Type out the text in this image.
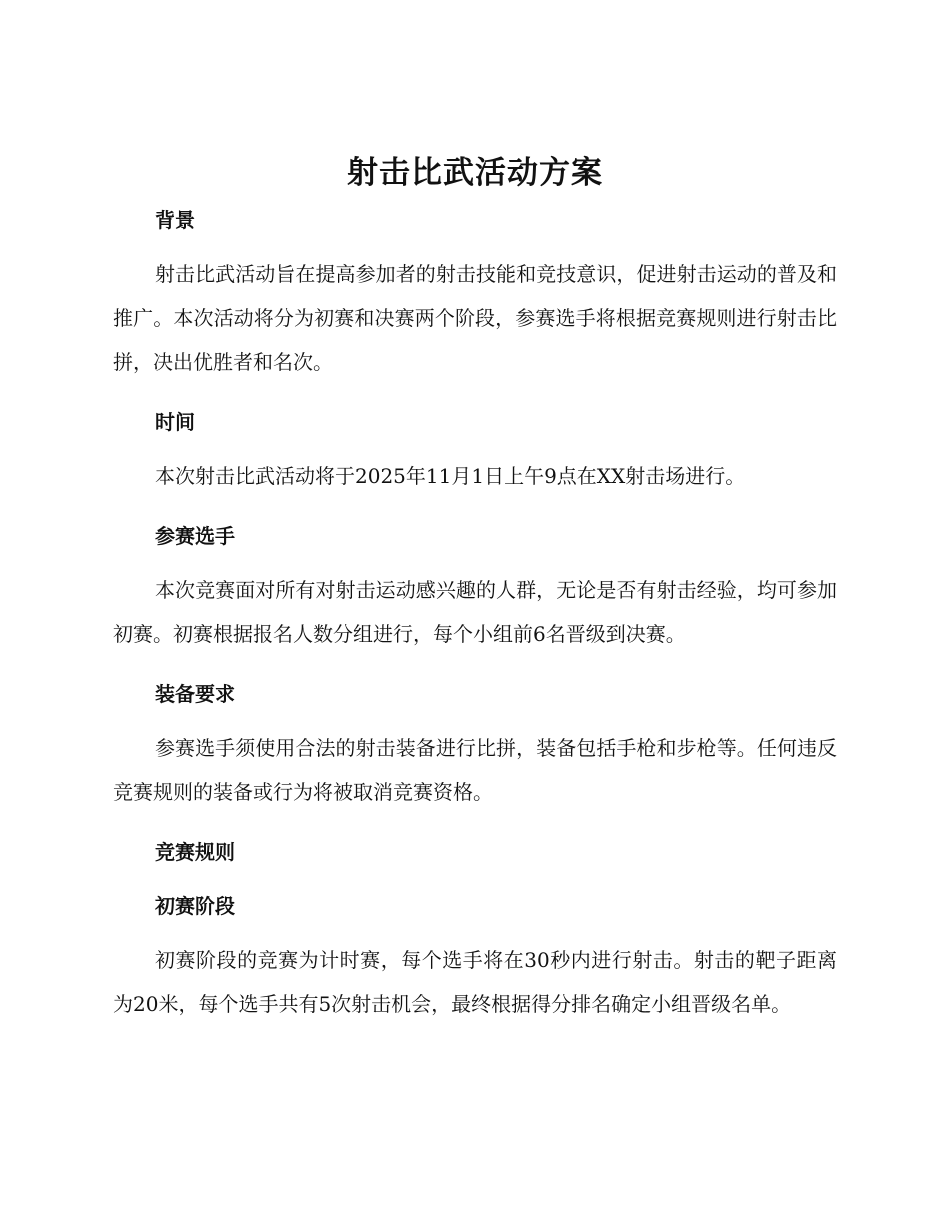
射击比武活动方案
背景

射击比武活动旨在提高参加者的射击技能和竞技意识，促进射击运动的普及和推广。本次活动将分为初赛和决赛两个阶段，参赛选手将根据竞赛规则进行射击比拼，决出优胜者和名次。

时间

本次射击比武活动将于2025年11月1日上午9点在XX射击场进行。

参赛选手

本次竞赛面对所有对射击运动感兴趣的人群，无论是否有射击经验，均可参加初赛。初赛根据报名人数分组进行，每个小组前6名晋级到决赛。

装备要求

参赛选手须使用合法的射击装备进行比拼，装备包括手枪和步枪等。任何违反竞赛规则的装备或行为将被取消竞赛资格。

竞赛规则
初赛阶段

初赛阶段的竞赛为计时赛，每个选手将在30秒内进行射击。射击的靶子距离为20米，每个选手共有5次射击机会，最终根据得分排名确定小组晋级名单。
